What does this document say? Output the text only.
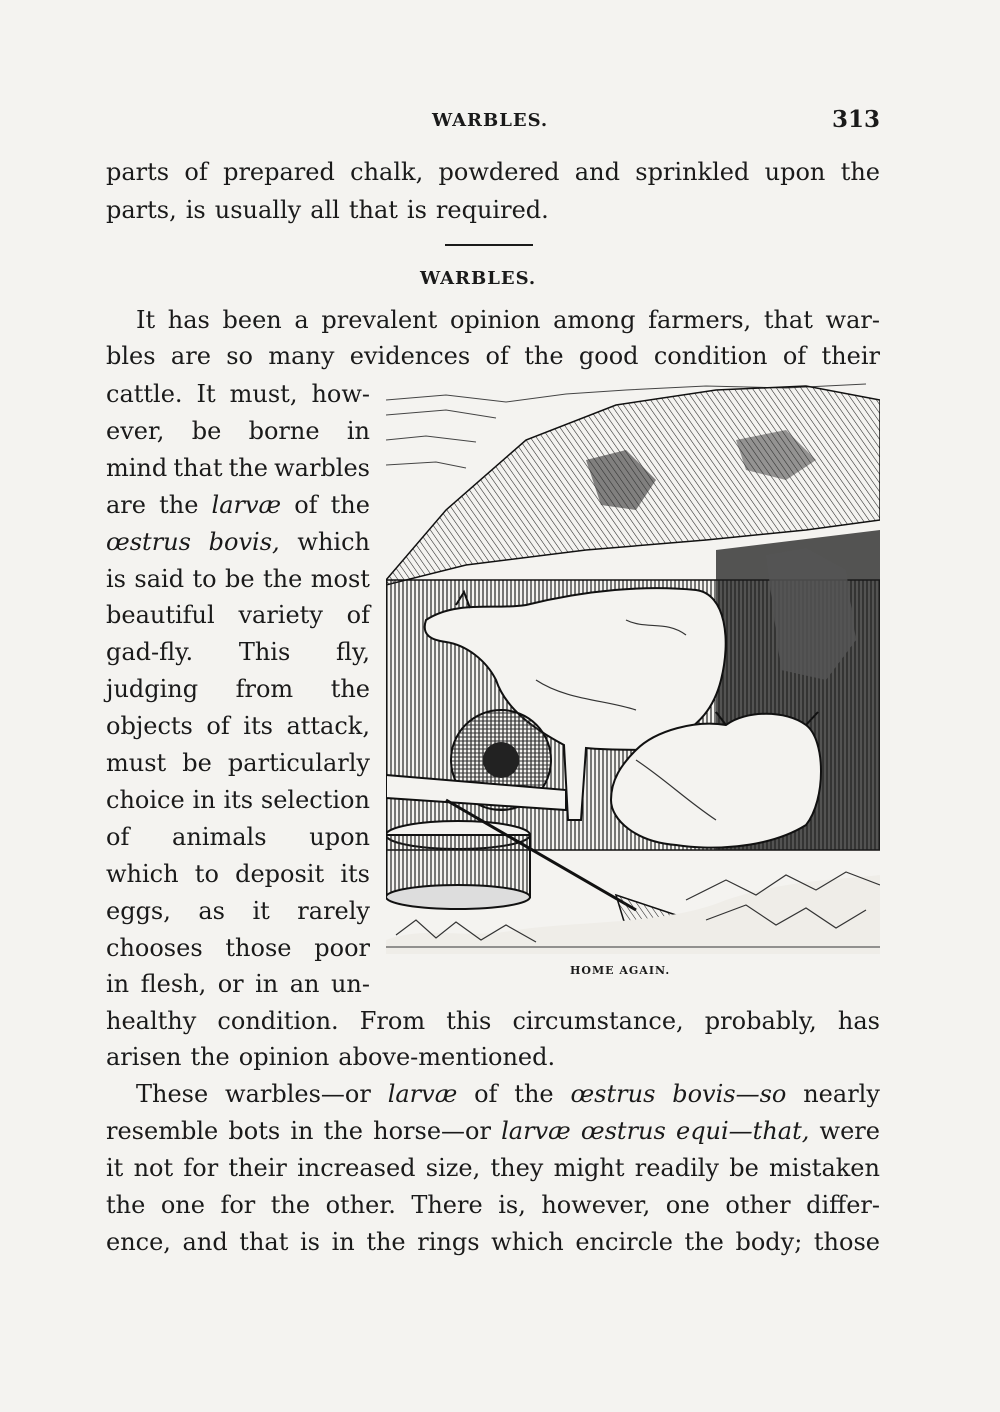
WARBLES.	313
parts of prepared chalk, powdered and sprinkled upon the
parts, is usually all that is required.
WARBLES.
It has been a prevalent opinion among farmers, that war-
bles are so many evidences of the good condition of their
cattle. It must, how-
ever, be borne in
mind that the warbles
are the larvæ of the
œstrus bovis, which
is said to be the most
beautiful variety of
gad-fly. This fly,
judging from the
objects of its attack,
must be particularly
choice in its selection
of animals upon
which to deposit its
eggs, as it rarely
chooses those poor
in flesh, or in an un-
healthy condition. From this circumstance, probably, has
arisen the opinion above-mentioned.
These warbles—or larvæ of the œstrus bovis—so nearly
resemble bots in the horse—or larvæ œstrus equi—that, were
it not for their increased size, they might readily be mistaken
the one for the other. There is, however, one other differ-
ence, and that is in the rings which encircle the body; those
HOME AGAIN.
